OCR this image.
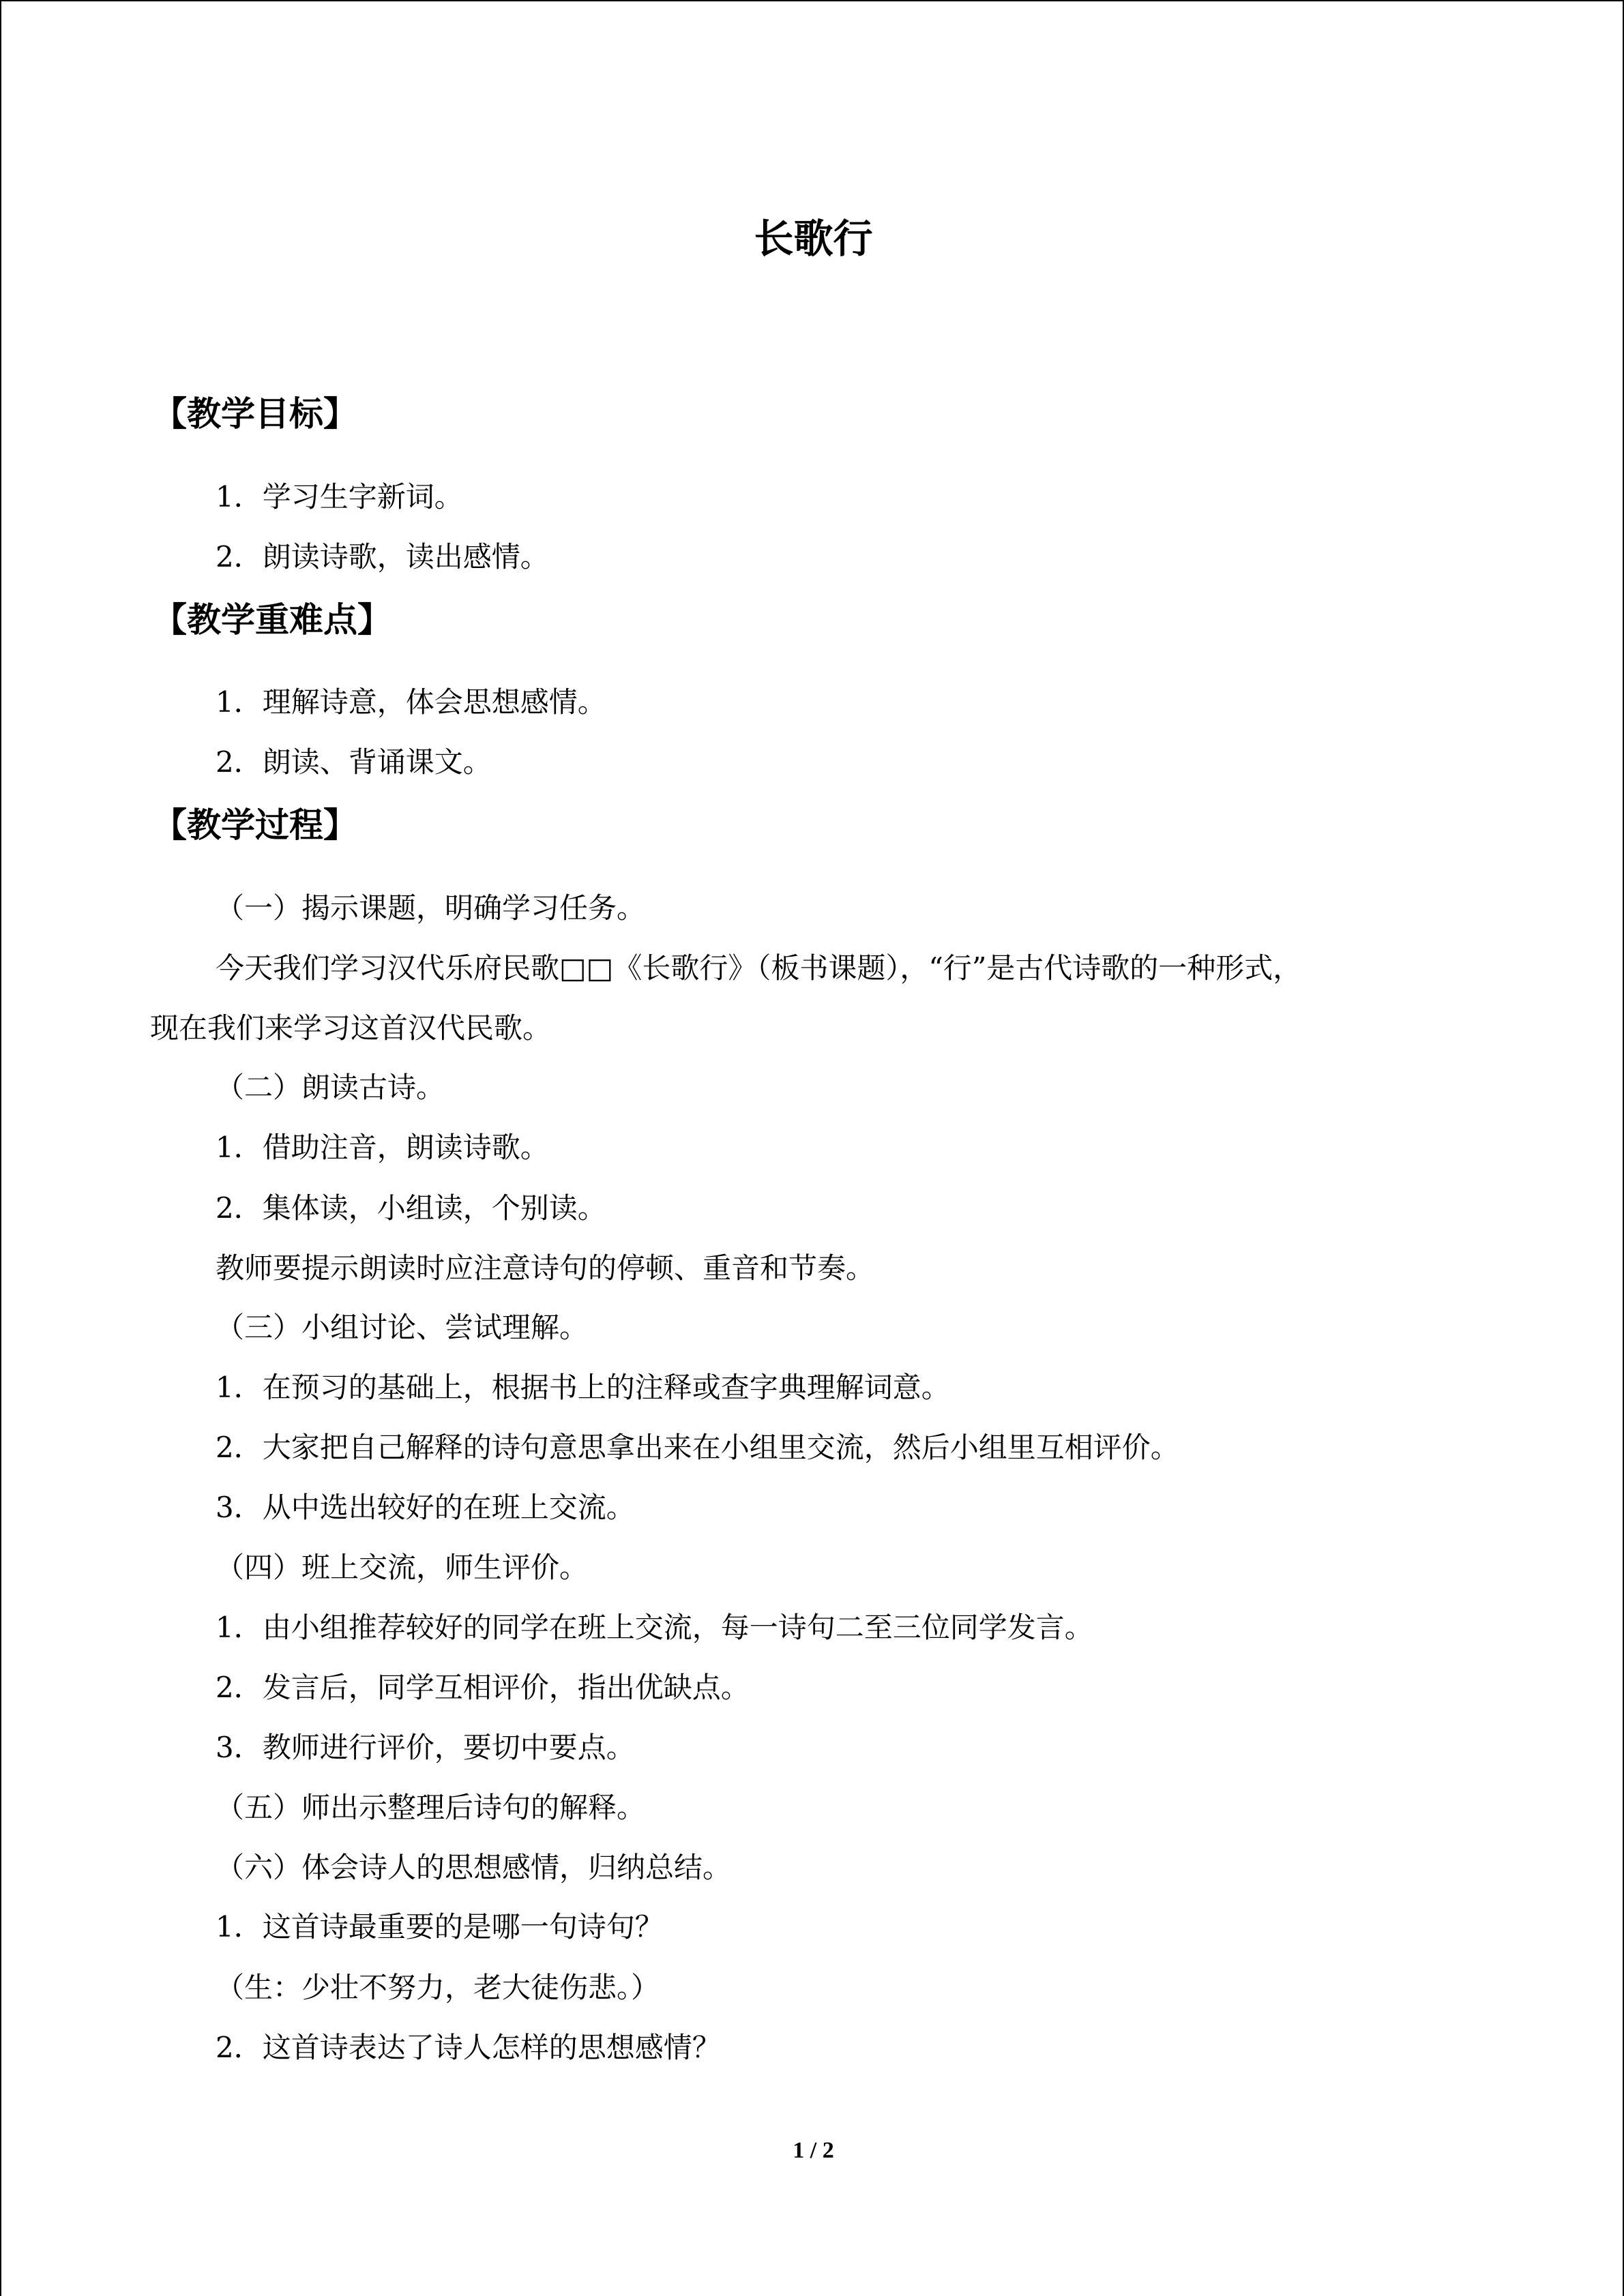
长歌行
【教学目标】
1．学习生字新词。
2．朗读诗歌，读出感情。
【教学重难点】
1．理解诗意，体会思想感情。
2．朗读、背诵课文。
【教学过程】
（一）揭示课题，明确学习任务。
今天我们学习汉代乐府民歌□□《长歌行》（板书课题），“行”是古代诗歌的一种形式，
现在我们来学习这首汉代民歌。
（二）朗读古诗。
1．借助注音，朗读诗歌。
2．集体读，小组读，个别读。
教师要提示朗读时应注意诗句的停顿、重音和节奏。
（三）小组讨论、尝试理解。
1．在预习的基础上，根据书上的注释或查字典理解词意。
2．大家把自己解释的诗句意思拿出来在小组里交流，然后小组里互相评价。
3．从中选出较好的在班上交流。
（四）班上交流，师生评价。
1．由小组推荐较好的同学在班上交流，每一诗句二至三位同学发言。
2．发言后，同学互相评价，指出优缺点。
3．教师进行评价，要切中要点。
（五）师出示整理后诗句的解释。
（六）体会诗人的思想感情，归纳总结。
1．这首诗最重要的是哪一句诗句？
（生：少壮不努力，老大徒伤悲。）
2．这首诗表达了诗人怎样的思想感情？
1 / 2
